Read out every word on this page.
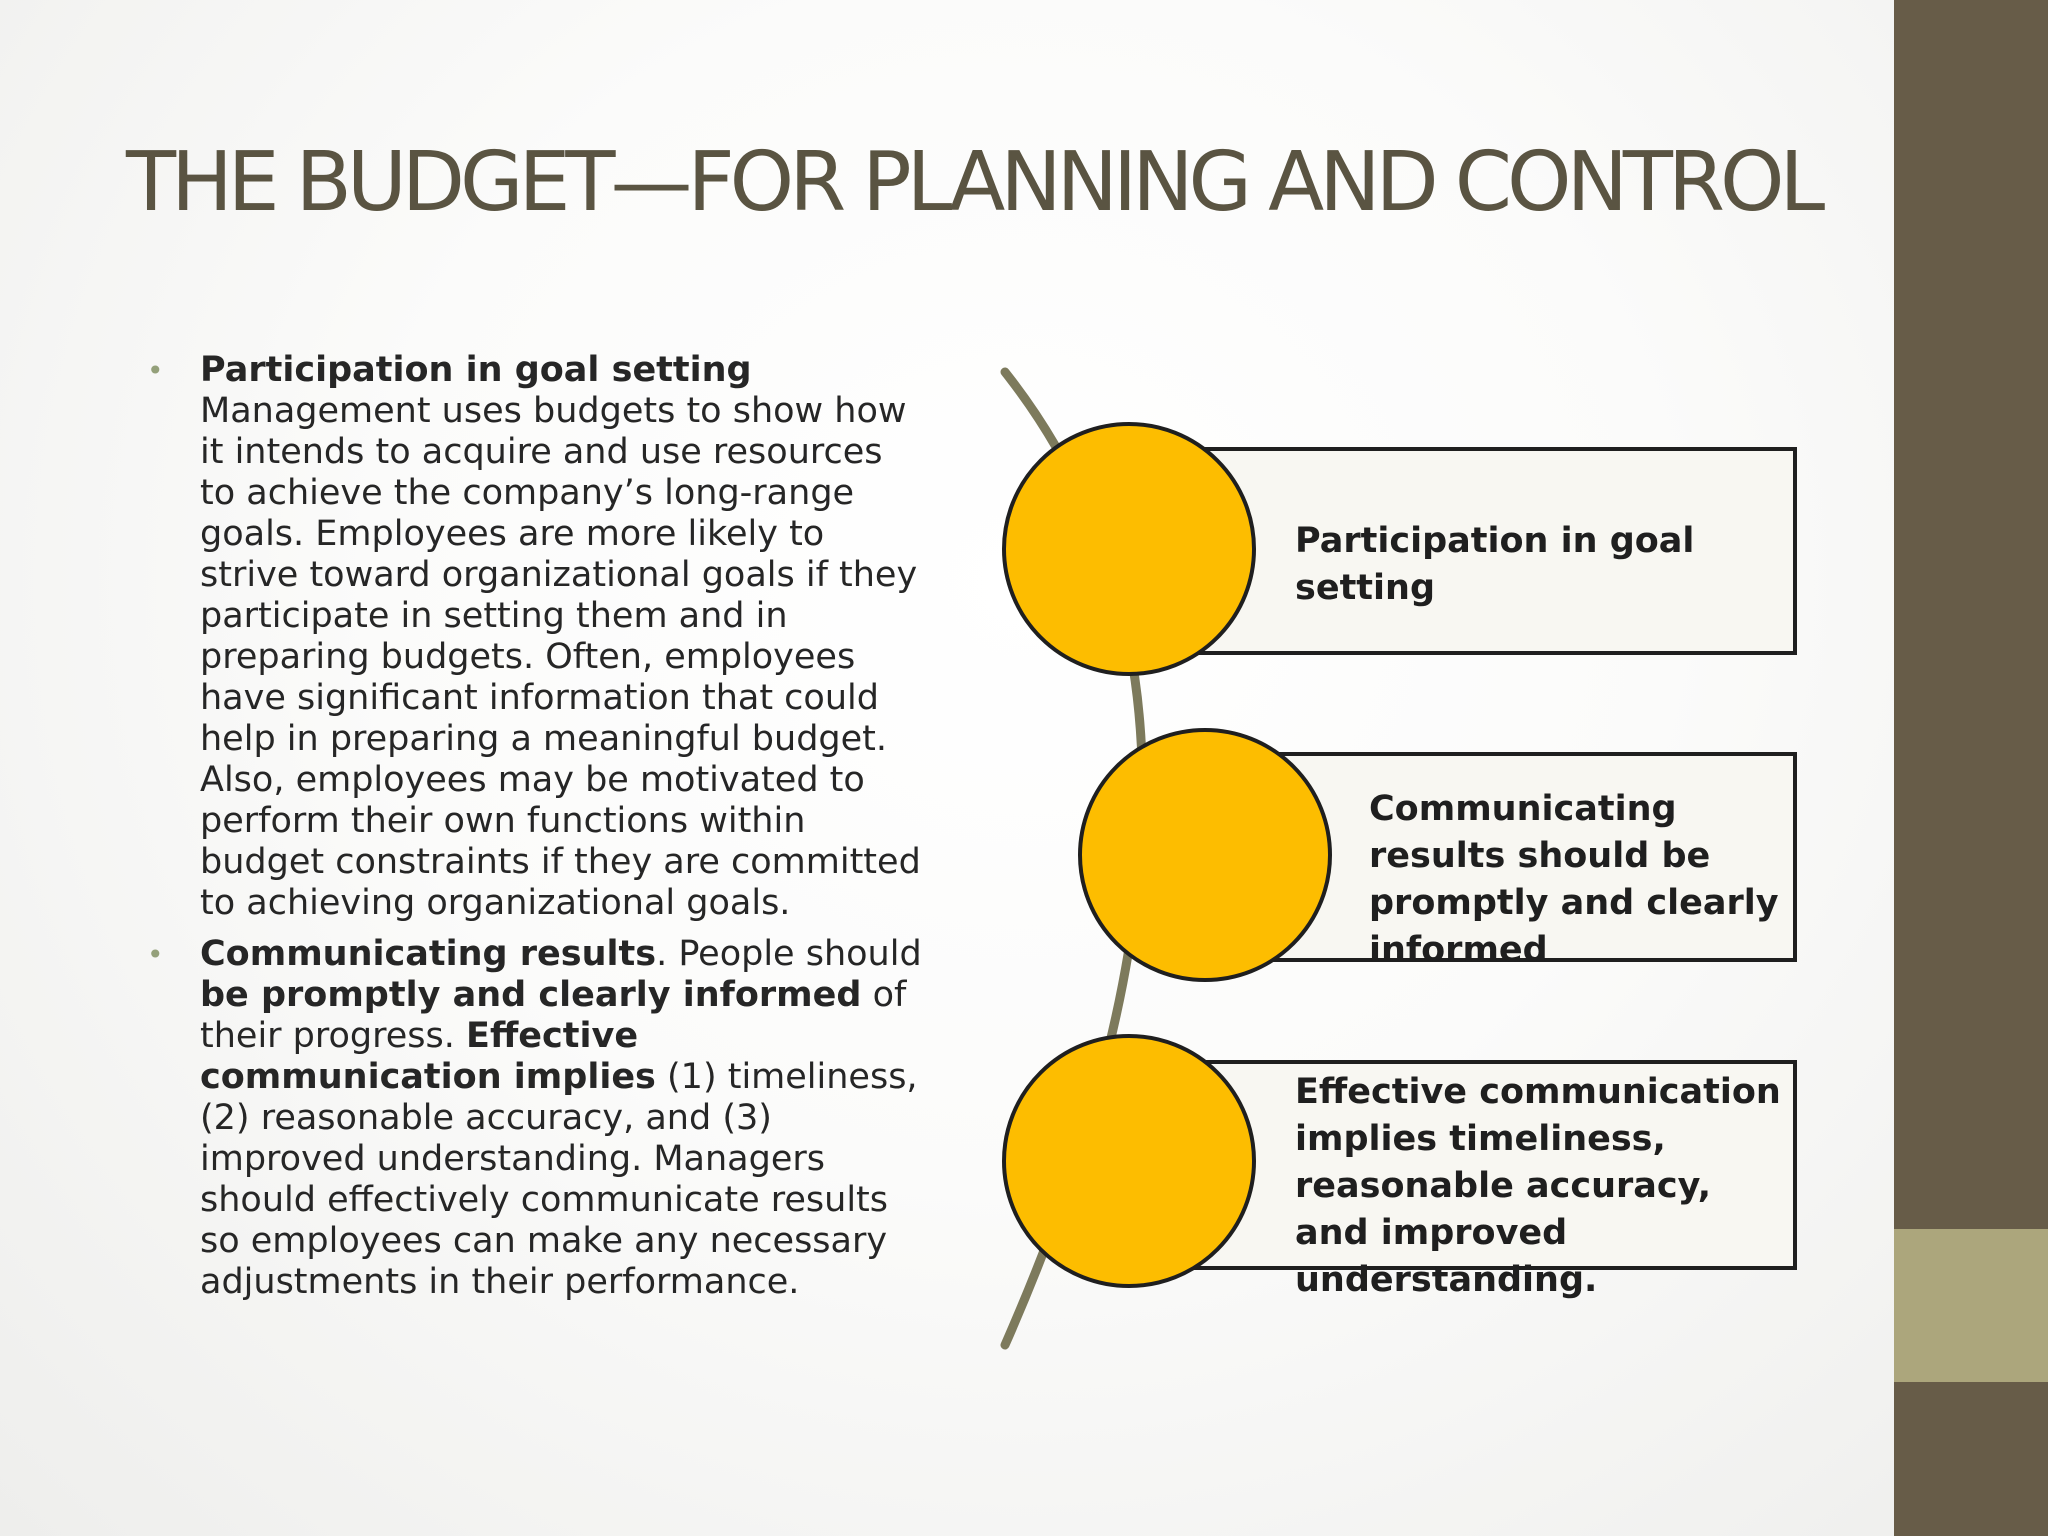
THE BUDGET—FOR PLANNING AND CONTROL
• Participation in goal setting
Management uses budgets to show how it intends to acquire and use resources to achieve the company’s long-range goals. Employees are more likely to strive toward organizational goals if they participate in setting them and in preparing budgets. Often, employees have significant information that could help in preparing a meaningful budget. Also, employees may be motivated to perform their own functions within budget constraints if they are committed to achieving organizational goals.
• Communicating results. People should be promptly and clearly informed of their progress. Effective communication implies (1) timeliness, (2) reasonable accuracy, and (3) improved understanding. Managers should effectively communicate results so employees can make any necessary adjustments in their performance.
Participation in goal setting
Communicating results should be promptly and clearly informed
Effective communication implies timeliness, reasonable accuracy, and improved understanding.
